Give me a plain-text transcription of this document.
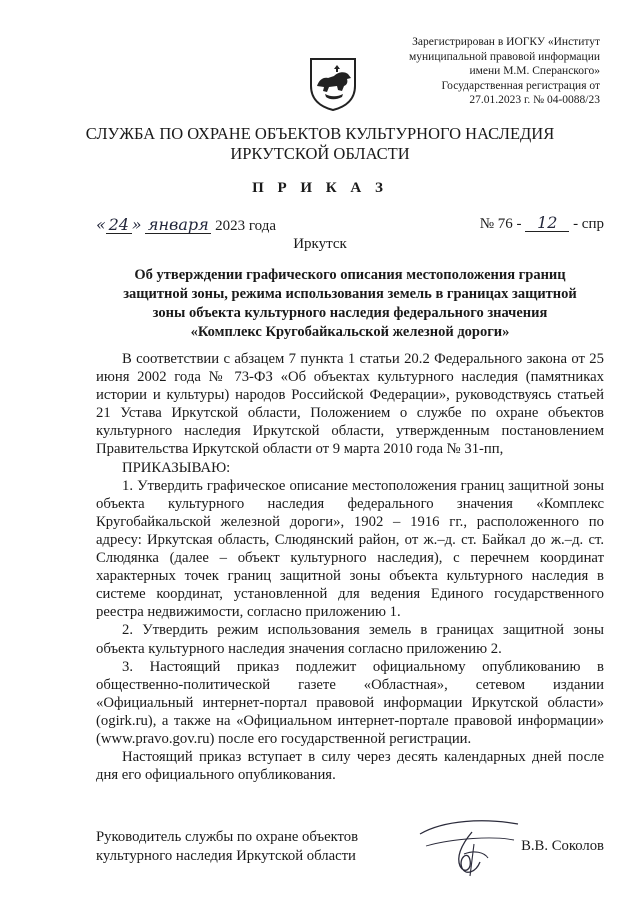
Зарегистрирован в ИОГКУ «Институт
муниципальной правовой информации
имени М.М. Сперанского»
Государственная регистрация от
27.01.2023 г. № 04-0088/23
СЛУЖБА ПО ОХРАНЕ ОБЪЕКТОВ КУЛЬТУРНОГО НАСЛЕДИЯ
ИРКУТСКОЙ ОБЛАСТИ
П Р И К А З
« 24 » января 2023 года	№ 76 - 12 - спр
Иркутск
Об утверждении графического описания местоположения границ
защитной зоны, режима использования земель в границах защитной
зоны объекта культурного наследия федерального значения
«Комплекс Кругобайкальской железной дороги»

В соответствии с абзацем 7 пункта 1 статьи 20.2 Федерального закона от 25 июня 2002 года № 73-ФЗ «Об объектах культурного наследия (памятниках истории и культуры) народов Российской Федерации», руководствуясь статьей 21 Устава Иркутской области, Положением о службе по охране объектов культурного наследия Иркутской области, утвержденным постановлением Правительства Иркутской области от 9 марта 2010 года № 31-пп,

ПРИКАЗЫВАЮ:

1. Утвердить графическое описание местоположения границ защитной зоны объекта культурного наследия федерального значения «Комплекс Кругобайкальской железной дороги», 1902 – 1916 гг., расположенного по адресу: Иркутская область, Слюдянский район, от ж.–д. ст. Байкал до ж.–д. ст. Слюдянка (далее – объект культурного наследия), с перечнем координат характерных точек границ защитной зоны объекта культурного наследия в системе координат, установленной для ведения Единого государственного реестра недвижимости, согласно приложению 1.

2. Утвердить режим использования земель в границах защитной зоны объекта культурного наследия значения согласно приложению 2.

3. Настоящий приказ подлежит официальному опубликованию в общественно-политической газете «Областная», сетевом издании «Официальный интернет-портал правовой информации Иркутской области» (ogirk.ru), а также на «Официальном интернет-портале правовой информации» (www.pravo.gov.ru) после его государственной регистрации.

Настоящий приказ вступает в силу через десять календарных дней после дня его официального опубликования.

Руководитель службы по охране объектов
культурного наследия Иркутской области
В.В. Соколов
